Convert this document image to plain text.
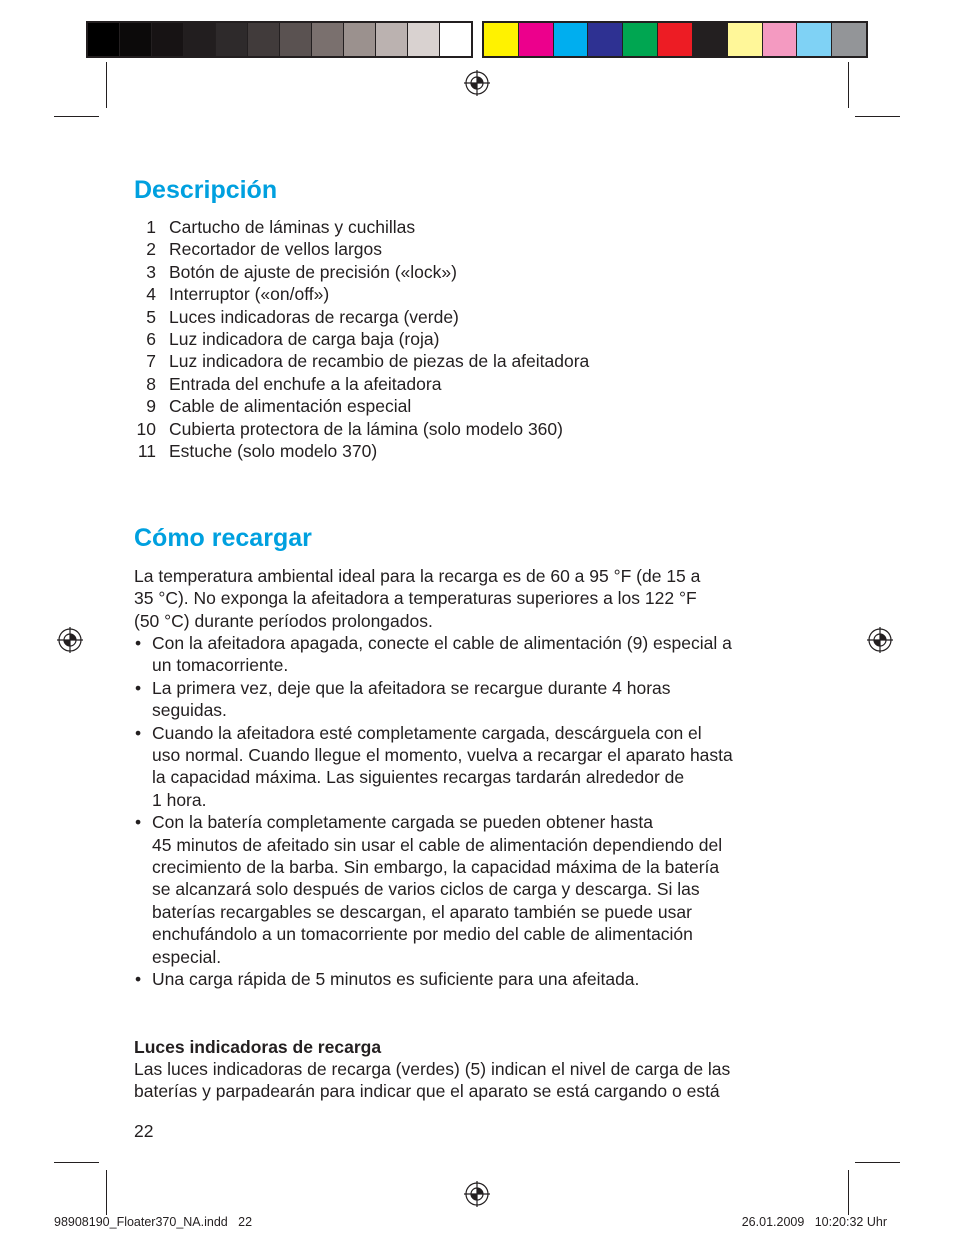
Descripción
1 Cartucho de láminas y cuchillas
2 Recortador de vellos largos
3 Botón de ajuste de precisión («lock»)
4 Interruptor («on/off»)
5 Luces indicadoras de recarga (verde)
6 Luz indicadora de carga baja (roja)
7 Luz indicadora de recambio de piezas de la afeitadora
8 Entrada del enchufe a la afeitadora
9 Cable de alimentación especial
10 Cubierta protectora de la lámina (solo modelo 360)
11 Estuche (solo modelo 370)
Cómo recargar

La temperatura ambiental ideal para la recarga es de 60 a 95 °F (de 15 a
35 °C). No exponga la afeitadora a temperaturas superiores a los 122 °F
(50 °C) durante períodos prolongados.

• Con la afeitadora apagada, conecte el cable de alimentación (9) especial a
un tomacorriente.
• La primera vez, deje que la afeitadora se recargue durante 4 horas
seguidas.
• Cuando la afeitadora esté completamente cargada, descárguela con el
uso normal. Cuando llegue el momento, vuelva a recargar el aparato hasta
la capacidad máxima. Las siguientes recargas tardarán alrededor de
1 hora.
• Con la batería completamente cargada se pueden obtener hasta
45 minutos de afeitado sin usar el cable de alimentación dependiendo del
crecimiento de la barba. Sin embargo, la capacidad máxima de la batería
se alcanzará solo después de varios ciclos de carga y descarga. Si las
baterías recargables se descargan, el aparato también se puede usar
enchufándolo a un tomacorriente por medio del cable de alimentación
especial.
• Una carga rápida de 5 minutos es suficiente para una afeitada.
Luces indicadoras de recarga

Las luces indicadoras de recarga (verdes) (5) indican el nivel de carga de las
baterías y parpadearán para indicar que el aparato se está cargando o está

22
98908190_Floater370_NA.indd   22	26.01.2009   10:20:32 Uhr
